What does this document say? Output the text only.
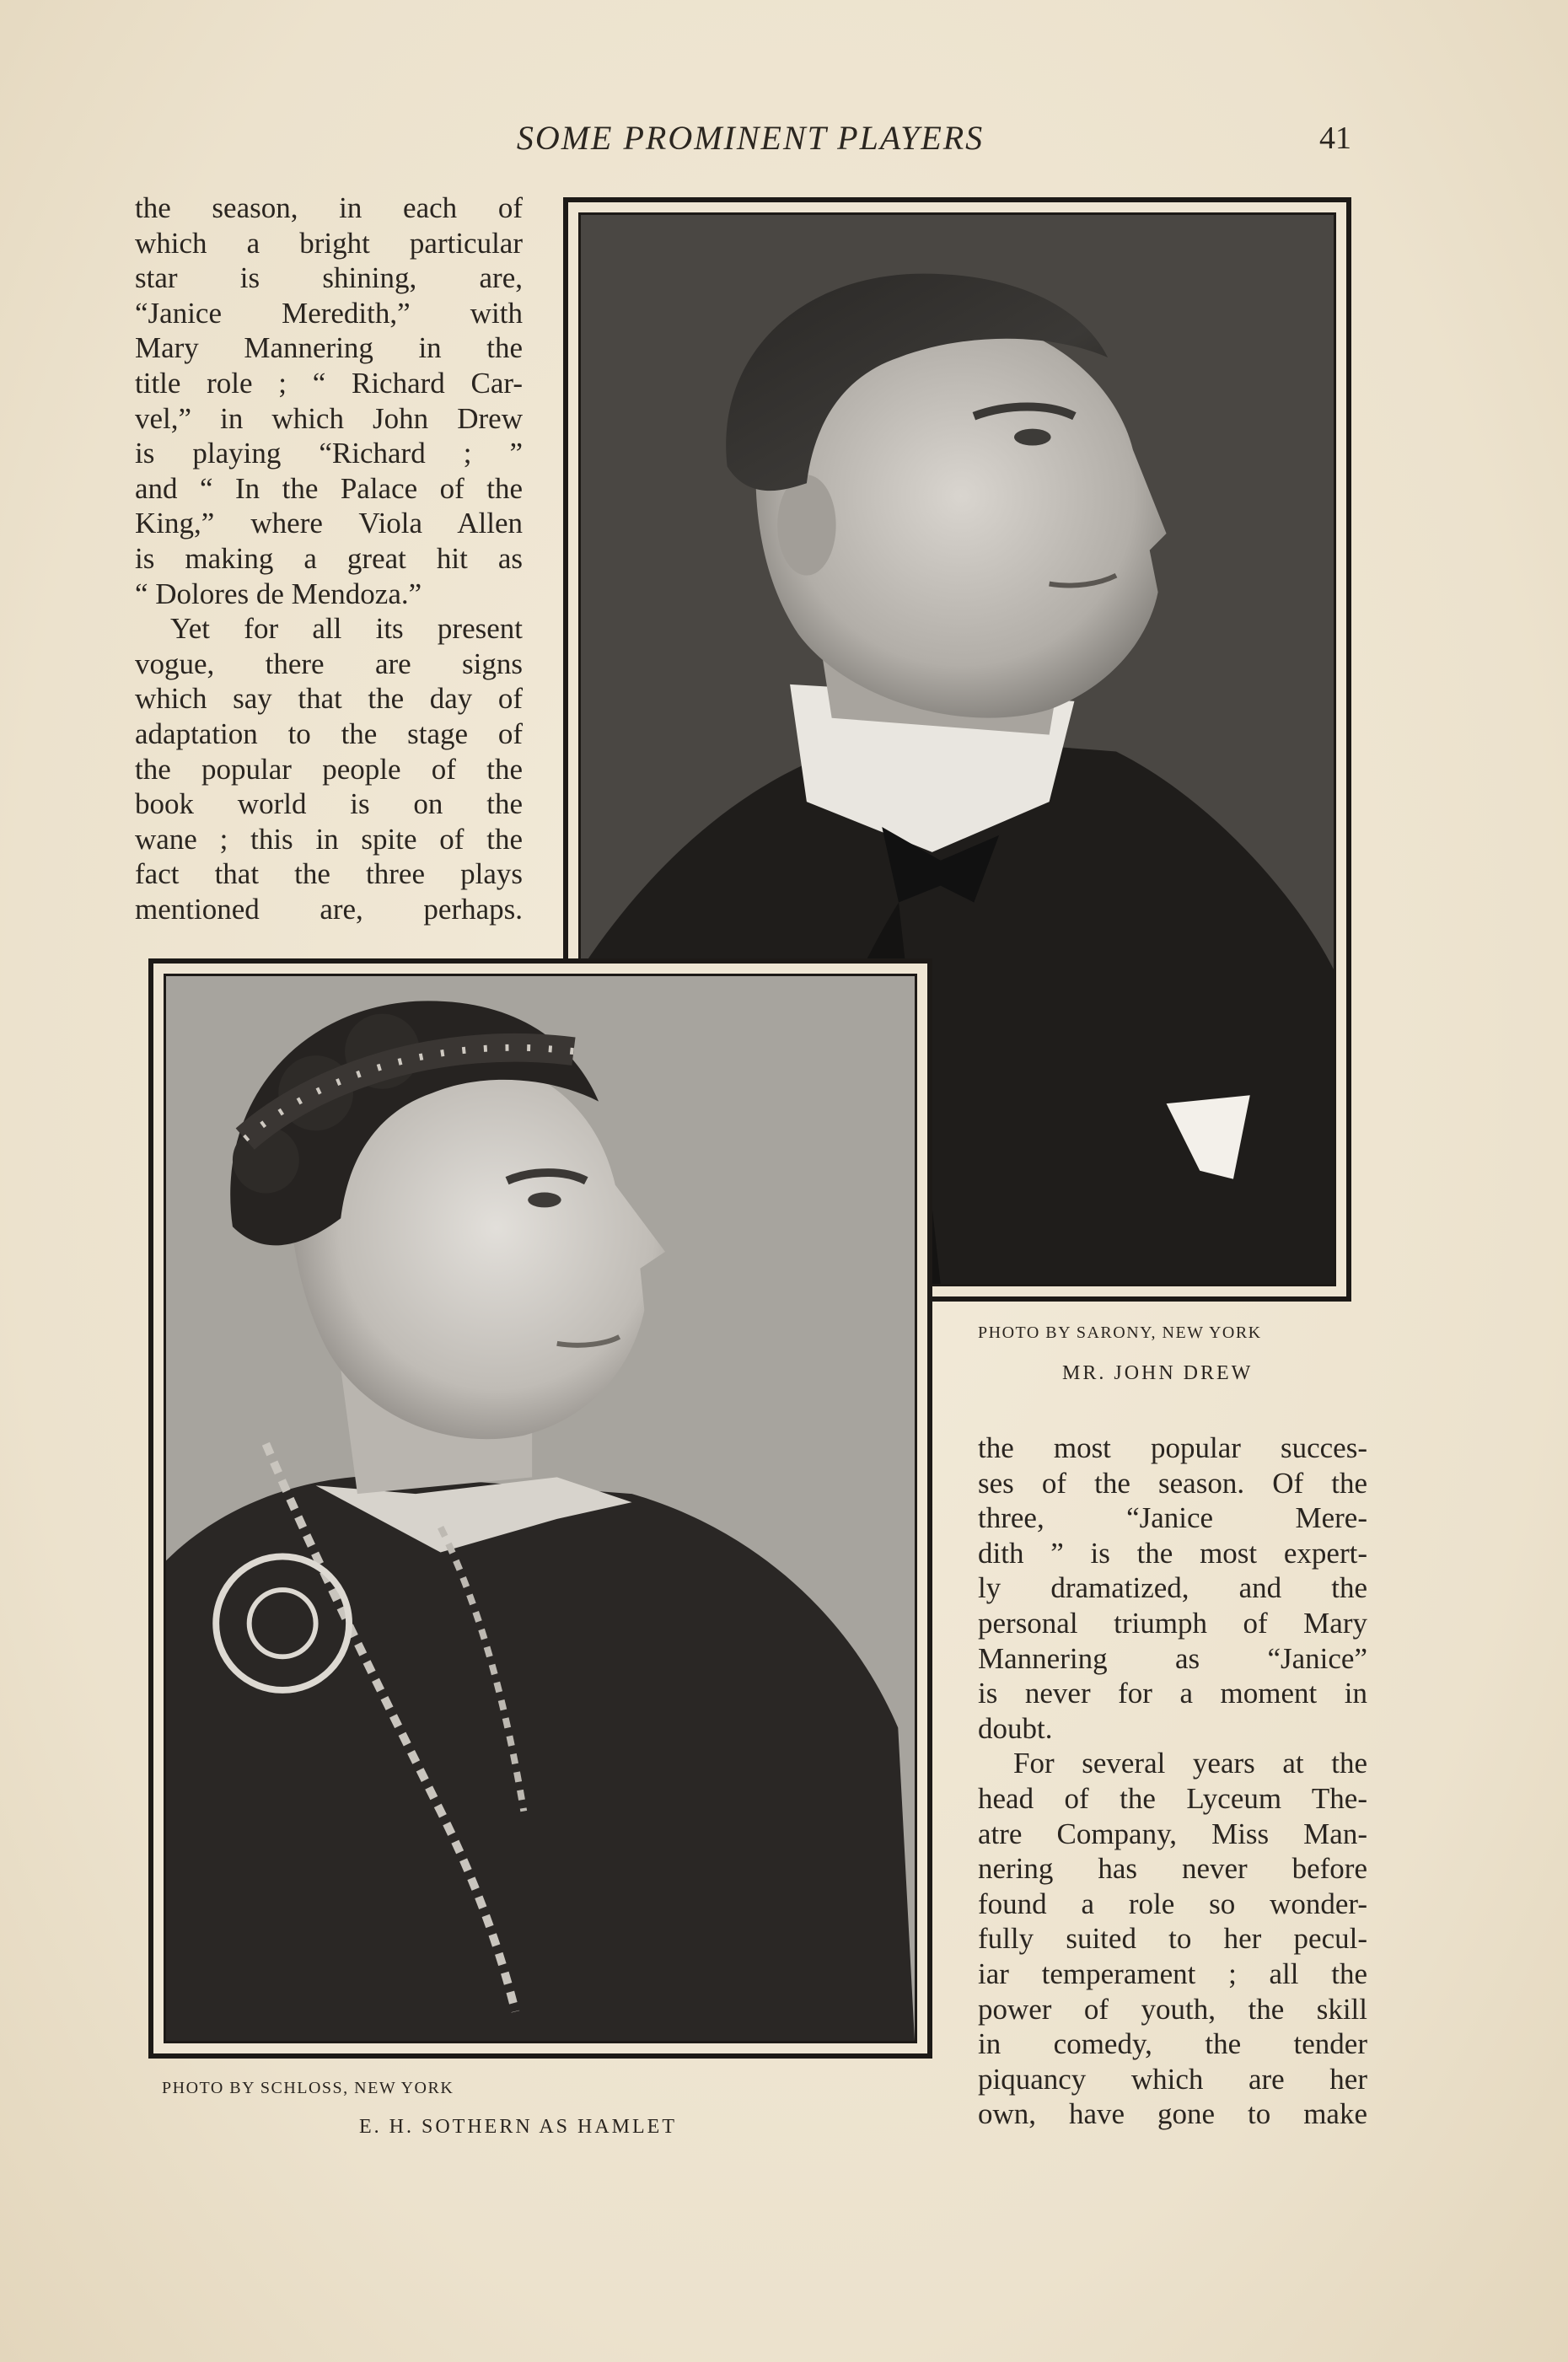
SOME PROMINENT PLAYERS	41
PHOTO BY SARONY, NEW YORK
MR. JOHN DREW
PHOTO BY SCHLOSS, NEW YORK
E. H. SOTHERN AS HAMLET
the season, in each of
which a bright particular
star is shining, are,
“Janice Meredith,” with
Mary Mannering in the
title role ; “ Richard Car-
vel,” in which John Drew
is playing “Richard ; ”
and “ In the Palace of the
King,” where Viola Allen
is making a great hit as
“ Dolores de Mendoza.”
Yet for all its present
vogue, there are signs
which say that the day of
adaptation to the stage of
the popular people of the
book world is on the
wane ; this in spite of the
fact that the three plays
mentioned are, perhaps.
the most popular succes-
ses of the season. Of the
three, “Janice Mere-
dith ” is the most expert-
ly dramatized, and the
personal triumph of Mary
Mannering as “Janice”
is never for a moment in
doubt.
For several years at the
head of the Lyceum The-
atre Company, Miss Man-
nering has never before
found a role so wonder-
fully suited to her pecul-
iar temperament ; all the
power of youth, the skill
in comedy, the tender
piquancy which are her
own, have gone to make
